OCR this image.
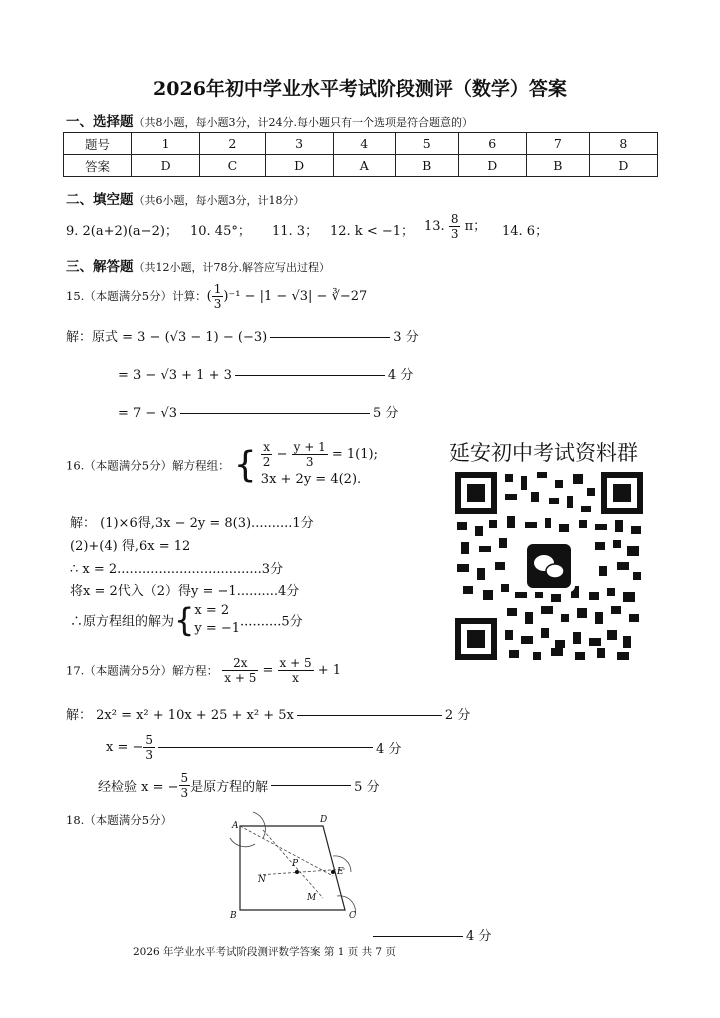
2026年初中学业水平考试阶段测评（数学）答案
一、选择题（共8小题，每小题3分，计24分.每小题只有一个选项是符合题意的）
题号	1	2	3	4	5	6	7	8
答案	D	C	D	A	B	D	B	D
二、填空题（共6小题，每小题3分，计18分）
9. 2(a+2)(a−2)； 10. 45°； 11. 3； 12. k < −1； 13. $\frac{8}{3}$ π； 14. 6；
三、解答题（共12小题，计78分.解答应写出过程）
15.（本题满分5分）计算：( $\frac{1}{3} )^{-1} - |1 - √3|$ − ∛−27
解：原式 = 3 − (√3 − 1) − (−3)	3 分
= 3 − √3 + 1 + 3	4 分
= 7 − √3	5 分
16.（本题满分5分）解方程组： { $\frac{x}{2} - \frac{y + 1}{3} = 1(1)$;
3x + 2y = 4(2).
解： (1)×6得,3x − 2y = 8(3)..........1分
(2)+(4) 得,6x = 12
∴ x = 2...................................3分
将x = 2代入（2）得y = −1..........4分
∴原方程组的解为{ x = 2
y = −1 ..........5分
延安初中考试资料群
17.（本题满分5分）解方程： $\frac{2x}{x + 5} = \frac{x + 5}{x} + 1$
解： 2x² = x² + 10x + 25 + x² + 5x	2 分
x = − $\frac{5}{3}$	4 分
经检验 x = − $\frac{5}{3}$ 是原方程的解	5 分
18.（本题满分5分）	A
D
B	C
E
P
N
M
4 分
2026 年学业水平考试阶段测评数学答案 第 1 页 共 7 页
